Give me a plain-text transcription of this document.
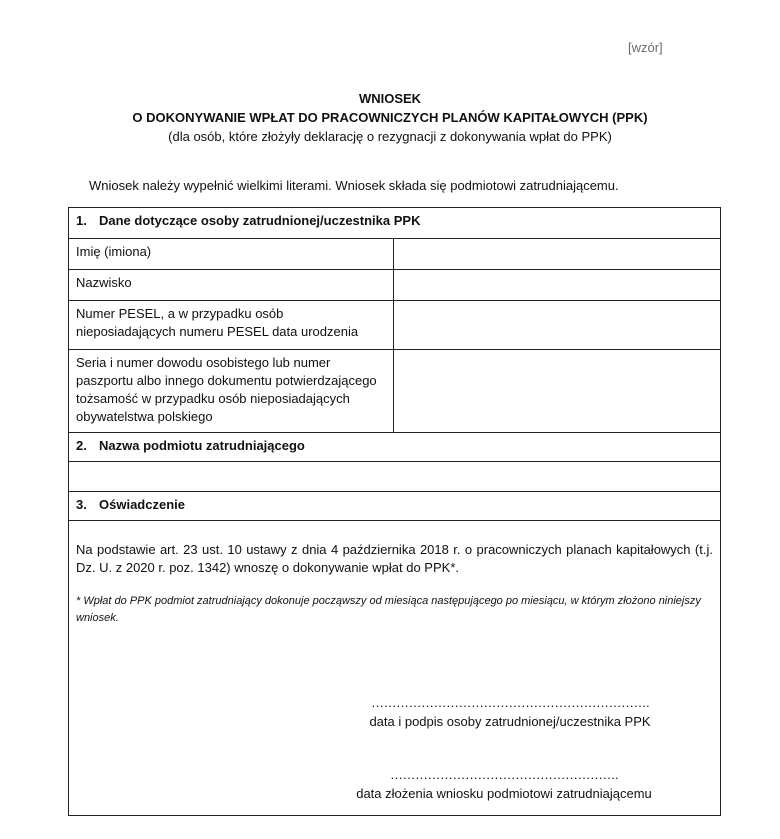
[wzór]
WNIOSEK
O DOKONYWANIE WPŁAT DO PRACOWNICZYCH PLANÓW KAPITAŁOWYCH (PPK)
(dla osób, które złożyły deklarację o rezygnacji z dokonywania wpłat do PPK)
Wniosek należy wypełnić wielkimi literami. Wniosek składa się podmiotowi zatrudniającemu.
1. Dane dotyczące osoby zatrudnionej/uczestnika PPK	
Imię (imiona)	
Nazwisko	
Numer PESEL, a w przypadku osób nieposiadających numeru PESEL data urodzenia	
Seria i numer dowodu osobistego lub numer paszportu albo innego dokumentu potwierdzającego tożsamość w przypadku osób nieposiadających obywatelstwa polskiego	
2. Nazwa podmiotu zatrudniającego	

3. Oświadczenie	

Na podstawie art. 23 ust. 10 ustawy z dnia 4 października 2018 r. o pracowniczych planach kapitałowych (t.j. Dz. U. z 2020 r. poz. 1342) wnoszę o dokonywanie wpłat do PPK*.
* Wpłat do PPK podmiot zatrudniający dokonuje począwszy od miesiąca następującego po miesiącu, w którym złożono niniejszy wniosek.	
………………………………………………………….
data i podpis osoby zatrudnionej/uczestnika PPK
……………………………………………….
data złożenia wniosku podmiotowi zatrudniającemu
